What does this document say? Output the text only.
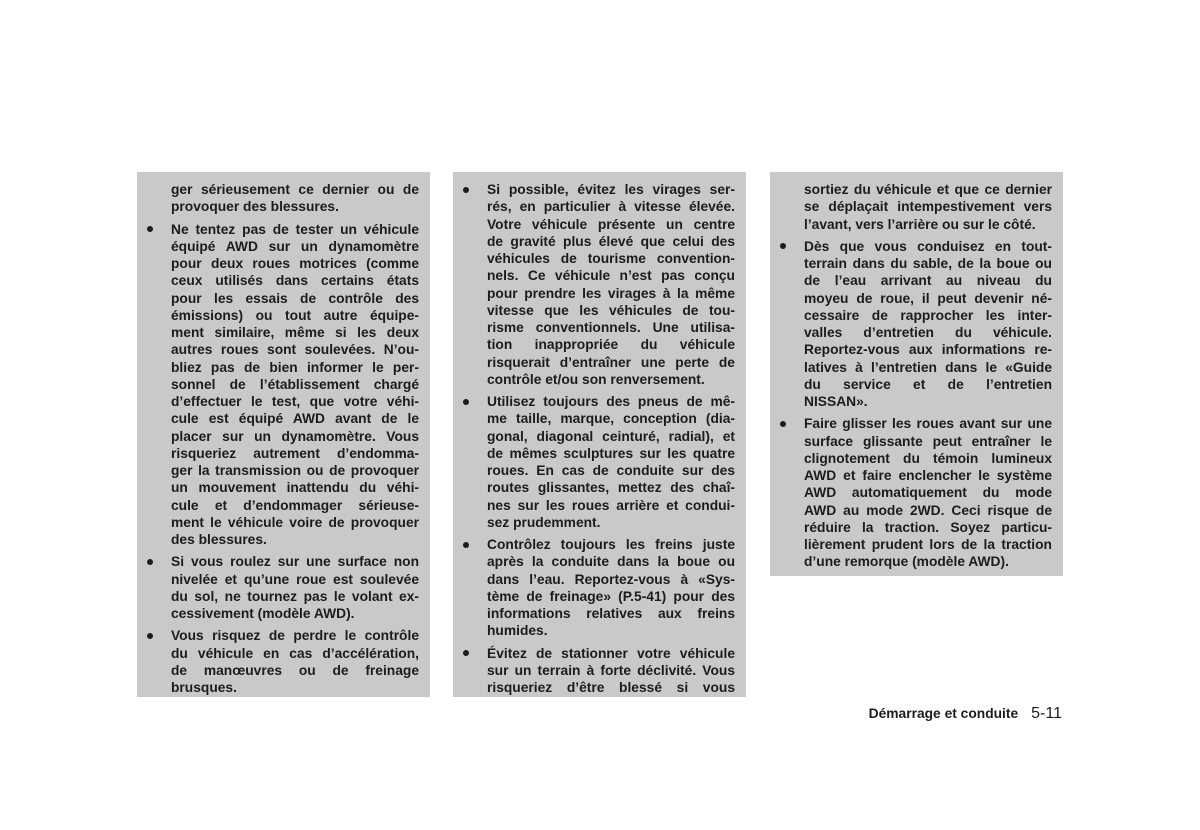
ger sérieusement ce dernier ou de
provoquer des blessures.
Ne tentez pas de tester un véhicule
équipé AWD sur un dynamomètre
pour deux roues motrices (comme
ceux utilisés dans certains états
pour les essais de contrôle des
émissions) ou tout autre équipe-
ment similaire, même si les deux
autres roues sont soulevées. N’ou-
bliez pas de bien informer le per-
sonnel de l’établissement chargé
d’effectuer le test, que votre véhi-
cule est équipé AWD avant de le
placer sur un dynamomètre. Vous
risqueriez autrement d’endomma-
ger la transmission ou de provoquer
un mouvement inattendu du véhi-
cule et d’endommager sérieuse-
ment le véhicule voire de provoquer
des blessures.
Si vous roulez sur une surface non
nivelée et qu’une roue est soulevée
du sol, ne tournez pas le volant ex-
cessivement (modèle AWD).
Vous risquez de perdre le contrôle
du véhicule en cas d’accélération,
de manœuvres ou de freinage
brusques.
Si possible, évitez les virages ser-
rés, en particulier à vitesse élevée.
Votre véhicule présente un centre
de gravité plus élevé que celui des
véhicules de tourisme convention-
nels. Ce véhicule n’est pas conçu
pour prendre les virages à la même
vitesse que les véhicules de tou-
risme conventionnels. Une utilisa-
tion inappropriée du véhicule
risquerait d’entraîner une perte de
contrôle et/ou son renversement.
Utilisez toujours des pneus de mê-
me taille, marque, conception (dia-
gonal, diagonal ceinturé, radial), et
de mêmes sculptures sur les quatre
roues. En cas de conduite sur des
routes glissantes, mettez des chaî-
nes sur les roues arrière et condui-
sez prudemment.
Contrôlez toujours les freins juste
après la conduite dans la boue ou
dans l’eau. Reportez-vous à «Sys-
tème de freinage» (P.5-41) pour des
informations relatives aux freins
humides.
Évitez de stationner votre véhicule
sur un terrain à forte déclivité. Vous
risqueriez d’être blessé si vous
sortiez du véhicule et que ce dernier
se déplaçait intempestivement vers
l’avant, vers l’arrière ou sur le côté.
Dès que vous conduisez en tout-
terrain dans du sable, de la boue ou
de l’eau arrivant au niveau du
moyeu de roue, il peut devenir né-
cessaire de rapprocher les inter-
valles d’entretien du véhicule.
Reportez-vous aux informations re-
latives à l’entretien dans le «Guide
du service et de l’entretien
NISSAN».
Faire glisser les roues avant sur une
surface glissante peut entraîner le
clignotement du témoin lumineux
AWD et faire enclencher le système
AWD automatiquement du mode
AWD au mode 2WD. Ceci risque de
réduire la traction. Soyez particu-
lièrement prudent lors de la traction
d’une remorque (modèle AWD).
Démarrage et conduite 5-11
